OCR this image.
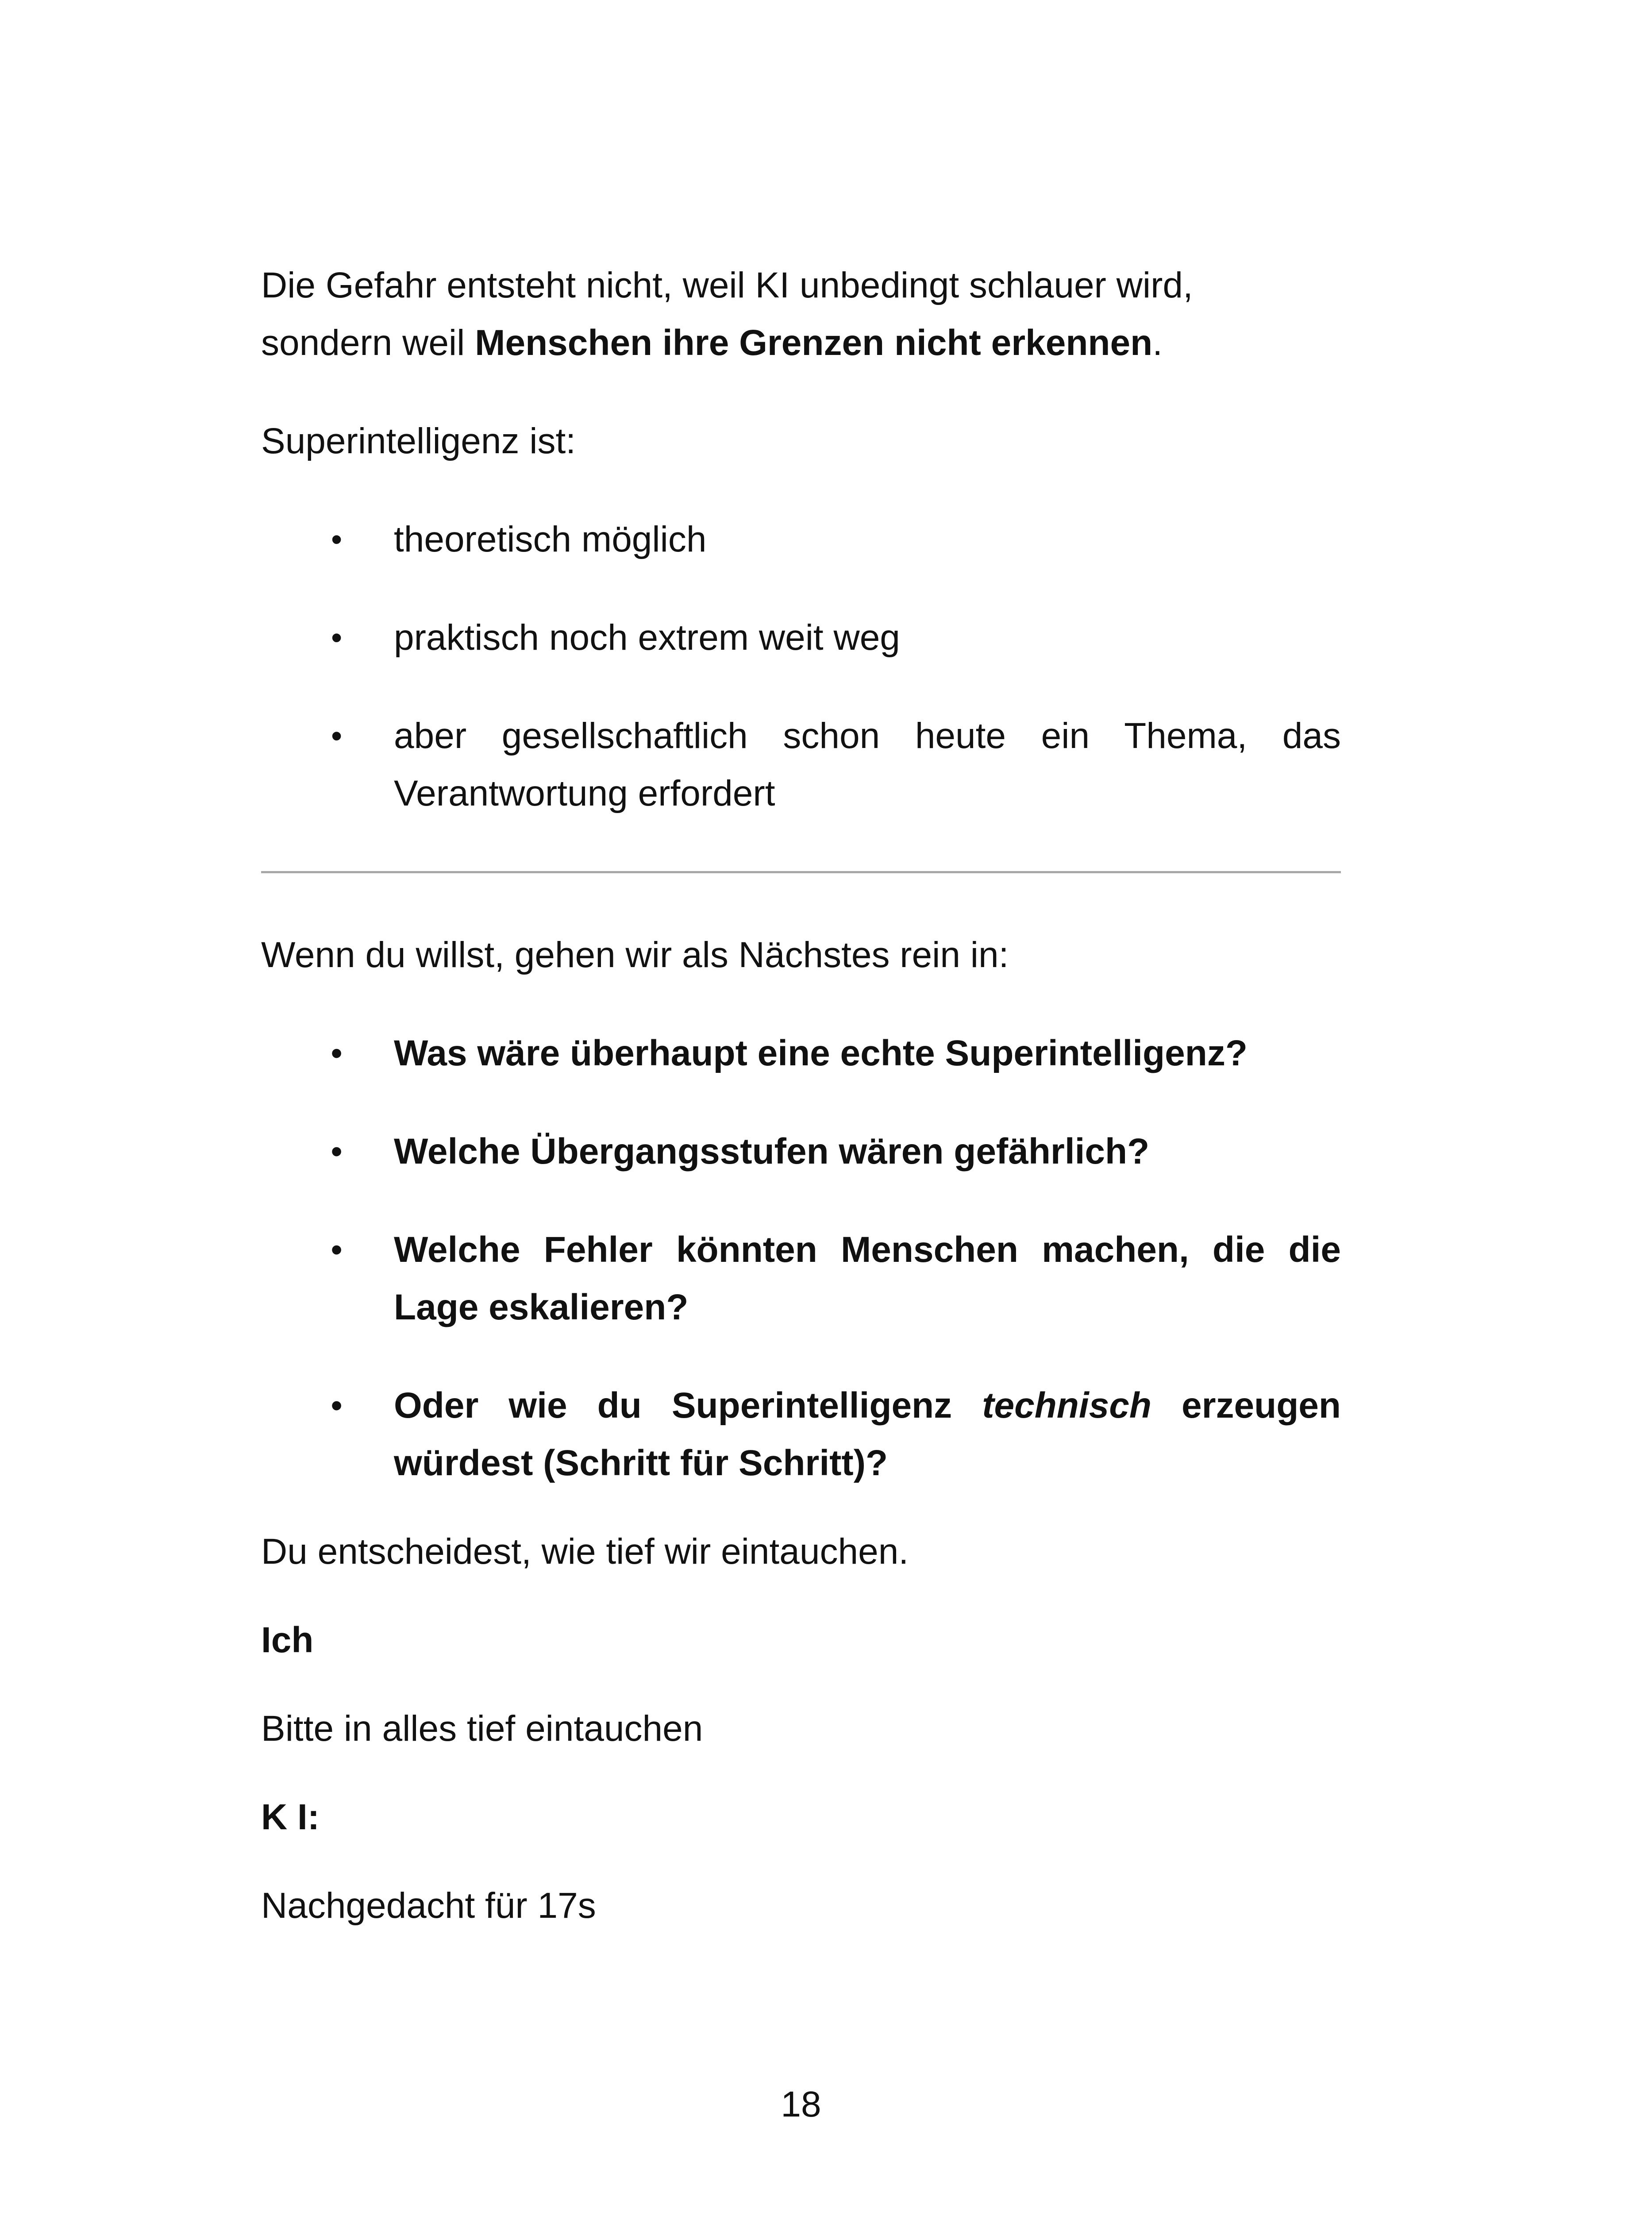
Die Gefahr entsteht nicht, weil KI unbedingt schlauer wird,
sondern weil Menschen ihre Grenzen nicht erkennen.

Superintelligenz ist:

• theoretisch möglich
• praktisch noch extrem weit weg
• aber gesellschaftlich schon heute ein Thema, das Verantwortung erfordert

Wenn du willst, gehen wir als Nächstes rein in:

• Was wäre überhaupt eine echte Superintelligenz?
• Welche Übergangsstufen wären gefährlich?
• Welche Fehler könnten Menschen machen, die die Lage eskalieren?
• Oder wie du Superintelligenz technisch erzeugen würdest (Schritt für Schritt)?

Du entscheidest, wie tief wir eintauchen.

Ich

Bitte in alles tief eintauchen

K I:

Nachgedacht für 17s

18
